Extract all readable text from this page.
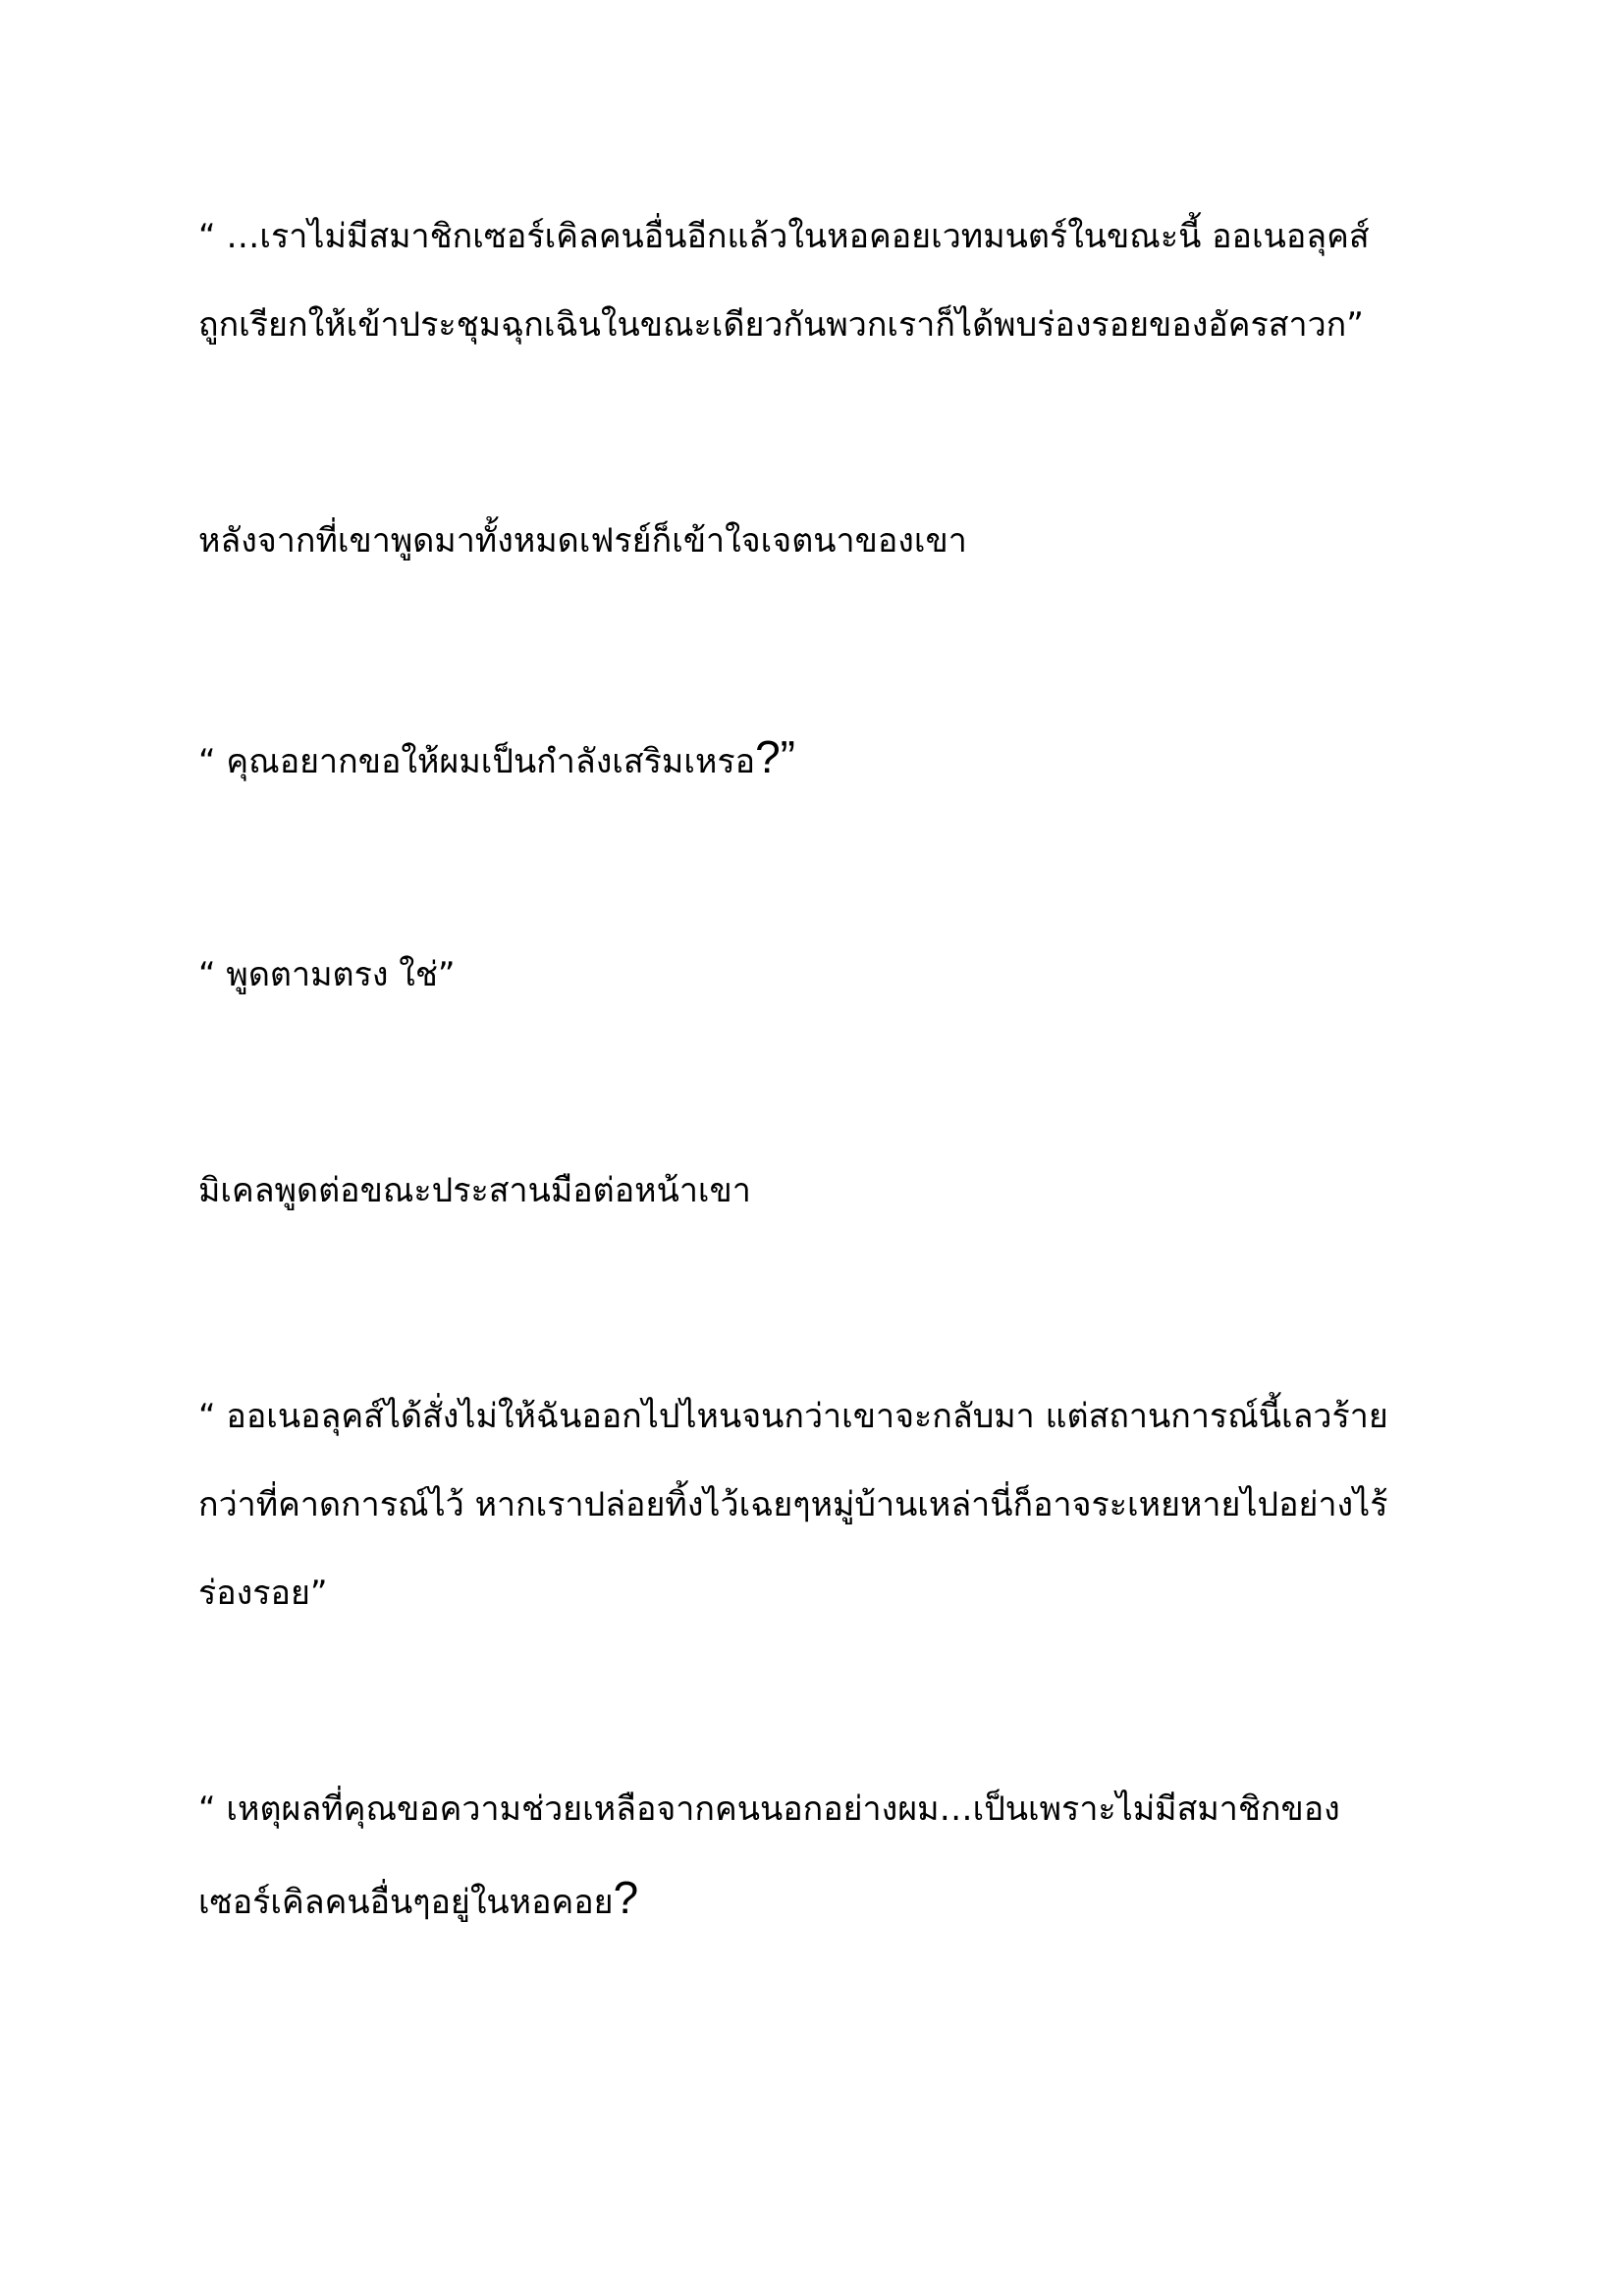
“ …เราไม่มีสมาชิกเซอร์เคิลคนอื่นอีกแล้วในหอคอยเวทมนตร์ในขณะนี้ ออเนอลุคส์

ถูกเรียกให้เข้าประชุมฉุกเฉินในขณะเดียวกันพวกเราก็ได้พบร่องรอยของอัครสาวก”

หลังจากที่เขาพูดมาทั้งหมดเฟรย์ก็เข้าใจเจตนาของเขา

“ คุณอยากขอให้ผมเป็นกำลังเสริมเหรอ?”

“ พูดตามตรง ใช่”

มิเคลพูดต่อขณะประสานมือต่อหน้าเขา

“ ออเนอลุคส์ได้สั่งไม่ให้ฉันออกไปไหนจนกว่าเขาจะกลับมา แต่สถานการณ์นี้เลวร้าย

กว่าที่คาดการณ์ไว้ หากเราปล่อยทิ้งไว้เฉยๆหมู่บ้านเหล่านี่ก็อาจระเหยหายไปอย่างไร้

ร่องรอย”

“ เหตุผลที่คุณขอความช่วยเหลือจากคนนอกอย่างผม…เป็นเพราะไม่มีสมาชิกของ

เซอร์เคิลคนอื่นๆอยู่ในหอคอย?
